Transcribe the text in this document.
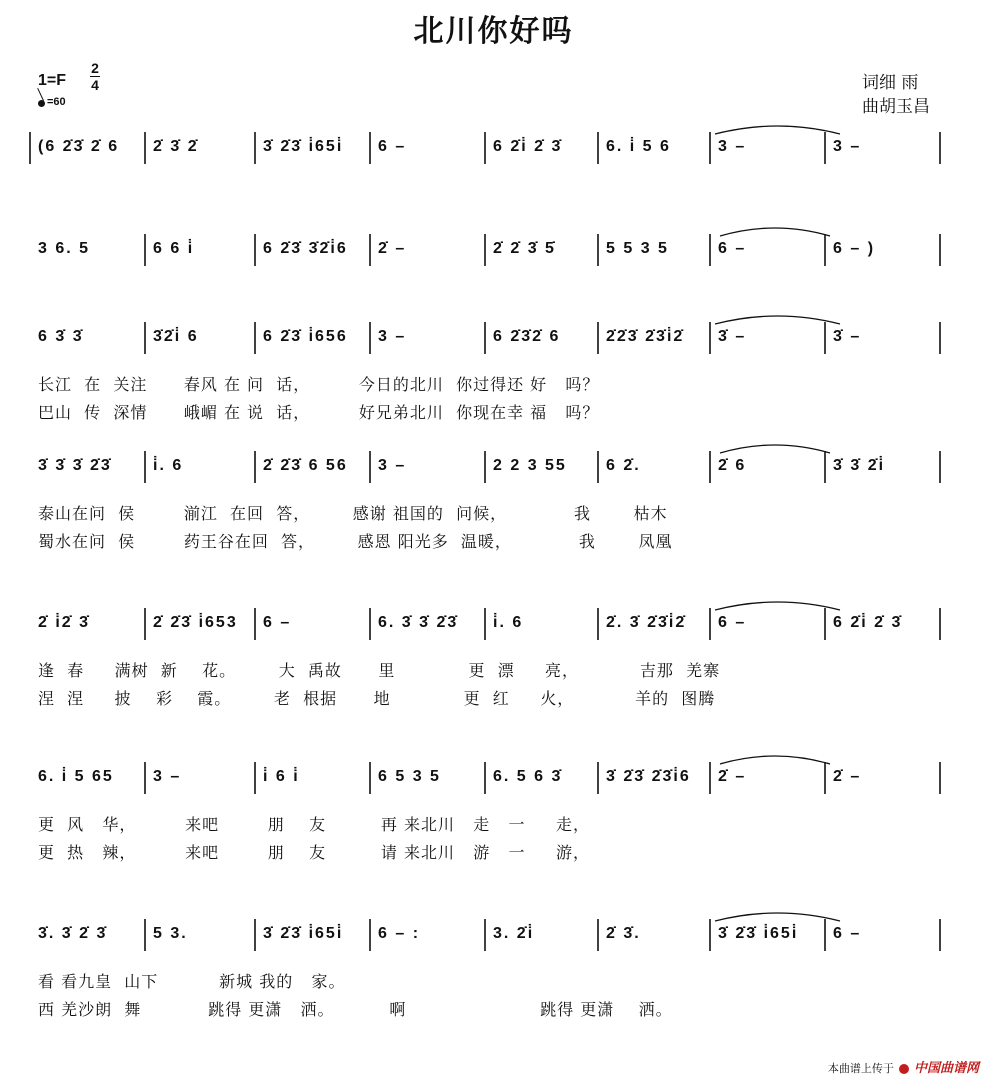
北川你好吗
1=F
2
4
=60
词细 雨
曲胡玉昌
(6 2̇3̇ 2̇ 6 2̇ 3̇ 2̇	3̇ 2̇3̇ i̇65i̇ 6 –	6 2̇i̇ 2̇ 3̇	6. i̇ 5 6	3 –	3 –
3 6. 5	6 6 i̇	6 2̇3̇ 3̇2̇i̇6 2̇ –	2̇ 2̇ 3̇ 5̇	5 5 3 5	6 –	6 – )
6 3̇ 3̇	3̇2̇i̇ 6	6 2̇3̇ i̇656 3 –	6 2̇3̇2̇ 6	2̇2̇3̇ 2̇3̇i̇2̇ 3̇ –	3̇ –
长江  在  关注      春风 在 问  话，        今日的北川  你过得还 好   吗？
巴山  传  深情      峨嵋 在 说  话，        好兄弟北川  你现在幸 福   吗？
3̇ 3̇ 3̇ 2̇3̇	i̇. 6	2̇ 2̇3̇ 6 56 3 –	2 2 3 55 6 2̇.	2̇ 6	3̇ 3̇ 2̇i̇
泰山在问  侯        湔江  在回  答，       感谢 祖国的  问候，           我       枯木
蜀水在问  侯        药王谷在回  答，       感恩 阳光多  温暖，           我       凤凰
2̇ i̇2̇ 3̇	2̇ 2̇3̇ i̇653 6 –	6. 3̇ 3̇ 2̇3̇ i̇. 6	2̇. 3̇ 2̇3̇i̇2̇ 6 –	6 2̇i̇ 2̇ 3̇
逢  春     满树  新    花。       大  禹故      里            更  漂     亮，          吉那  羌寨
涅  涅     披    彩    霞。       老  根据      地            更  红     火，          羊的  图腾
6. i̇ 5 65 3 –	i̇ 6 i̇	6 5 3 5	6. 5 6 3̇	3̇ 2̇3̇ 2̇3̇i̇6 2̇ –	2̇ –
更  风   华，        来吧        朋    友         再 来北川   走   一     走，
更  热   辣，        来吧        朋    友         请 来北川   游   一     游，
3̇. 3̇ 2̇ 3̇	5 3.	3̇ 2̇3̇ i̇65i̇ 6 – :	3. 2̇i̇	2̇ 3̇.	3̇ 2̇3̇ i̇65i̇ 6 –
看 看九皇  山下          新城 我的   家。
西 羌沙朗  舞           跳得 更潇   洒。         啊                      跳得 更潇    洒。
本曲谱上传于 中国曲谱网
